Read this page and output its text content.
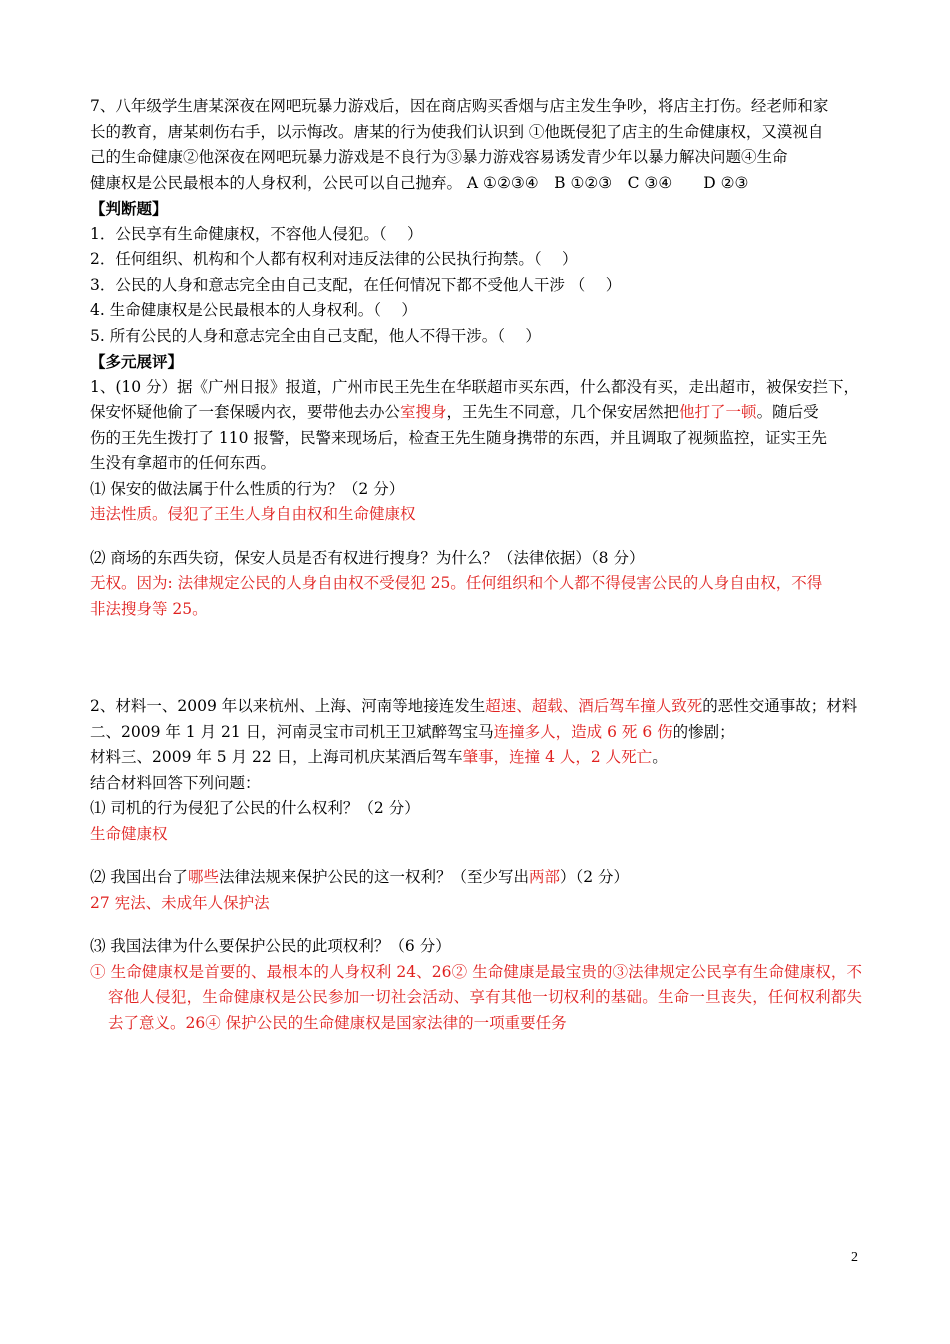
7、八年级学生唐某深夜在网吧玩暴力游戏后，因在商店购买香烟与店主发生争吵，将店主打伤。经老师和家

长的教育，唐某刺伤右手，以示悔改。唐某的行为使我们认识到 ①他既侵犯了店主的生命健康权，又漠视自

己的生命健康②他深夜在网吧玩暴力游戏是不良行为③暴力游戏容易诱发青少年以暴力解决问题④生命

健康权是公民最根本的人身权利，公民可以自己抛弃。 A ①②③④　B ①②③　C ③④　　D ②③

【判断题】

1．公民享有生命健康权，不容他人侵犯。（　 ）

2．任何组织、机构和个人都有权利对违反法律的公民执行拘禁。（　 ）

3．公民的人身和意志完全由自己支配，在任何情况下都不受他人干涉 （　 ）

4. 生命健康权是公民最根本的人身权利。（　 ）

5. 所有公民的人身和意志完全由自己支配，他人不得干涉。（　 ）

【多元展评】

1、(10 分）据《广州日报》报道，广州市民王先生在华联超市买东西，什么都没有买，走出超市，被保安拦下，

保安怀疑他偷了一套保暖内衣，要带他去办公室搜身，王先生不同意，几个保安居然把他打了一顿。随后受

伤的王先生拨打了 110 报警，民警来现场后，检查王先生随身携带的东西，并且调取了视频监控，证实王先

生没有拿超市的任何东西。

⑴ 保安的做法属于什么性质的行为？（2 分）

违法性质。侵犯了王生人身自由权和生命健康权

⑵ 商场的东西失窃，保安人员是否有权进行搜身？为什么？（法律依据）（8 分）

无权。因为: 法律规定公民的人身自由权不受侵犯 25。任何组织和个人都不得侵害公民的人身自由权，不得

非法搜身等 25。

2、材料一、2009 年以来杭州、上海、河南等地接连发生超速、超载、酒后驾车撞人致死的恶性交通事故；材料

二、2009 年 1 月 21 日，河南灵宝市司机王卫斌醉驾宝马连撞多人，造成 6 死 6 伤的惨剧；

材料三、2009 年 5 月 22 日，上海司机庆某酒后驾车肇事，连撞 4 人，2 人死亡。

结合材料回答下列问题：

⑴ 司机的行为侵犯了公民的什么权利？（2 分）

生命健康权

⑵ 我国出台了哪些法律法规来保护公民的这一权利？（至少写出两部）（2 分）

27 宪法、未成年人保护法

⑶ 我国法律为什么要保护公民的此项权利？（6 分）

① 生命健康权是首要的、最根本的人身权利 24、26② 生命健康是最宝贵的③法律规定公民享有生命健康权，不容他人侵犯，生命健康权是公民参加一切社会活动、享有其他一切权利的基础。生命一旦丧失，任何权利都失去了意义。26④ 保护公民的生命健康权是国家法律的一项重要任务

2
